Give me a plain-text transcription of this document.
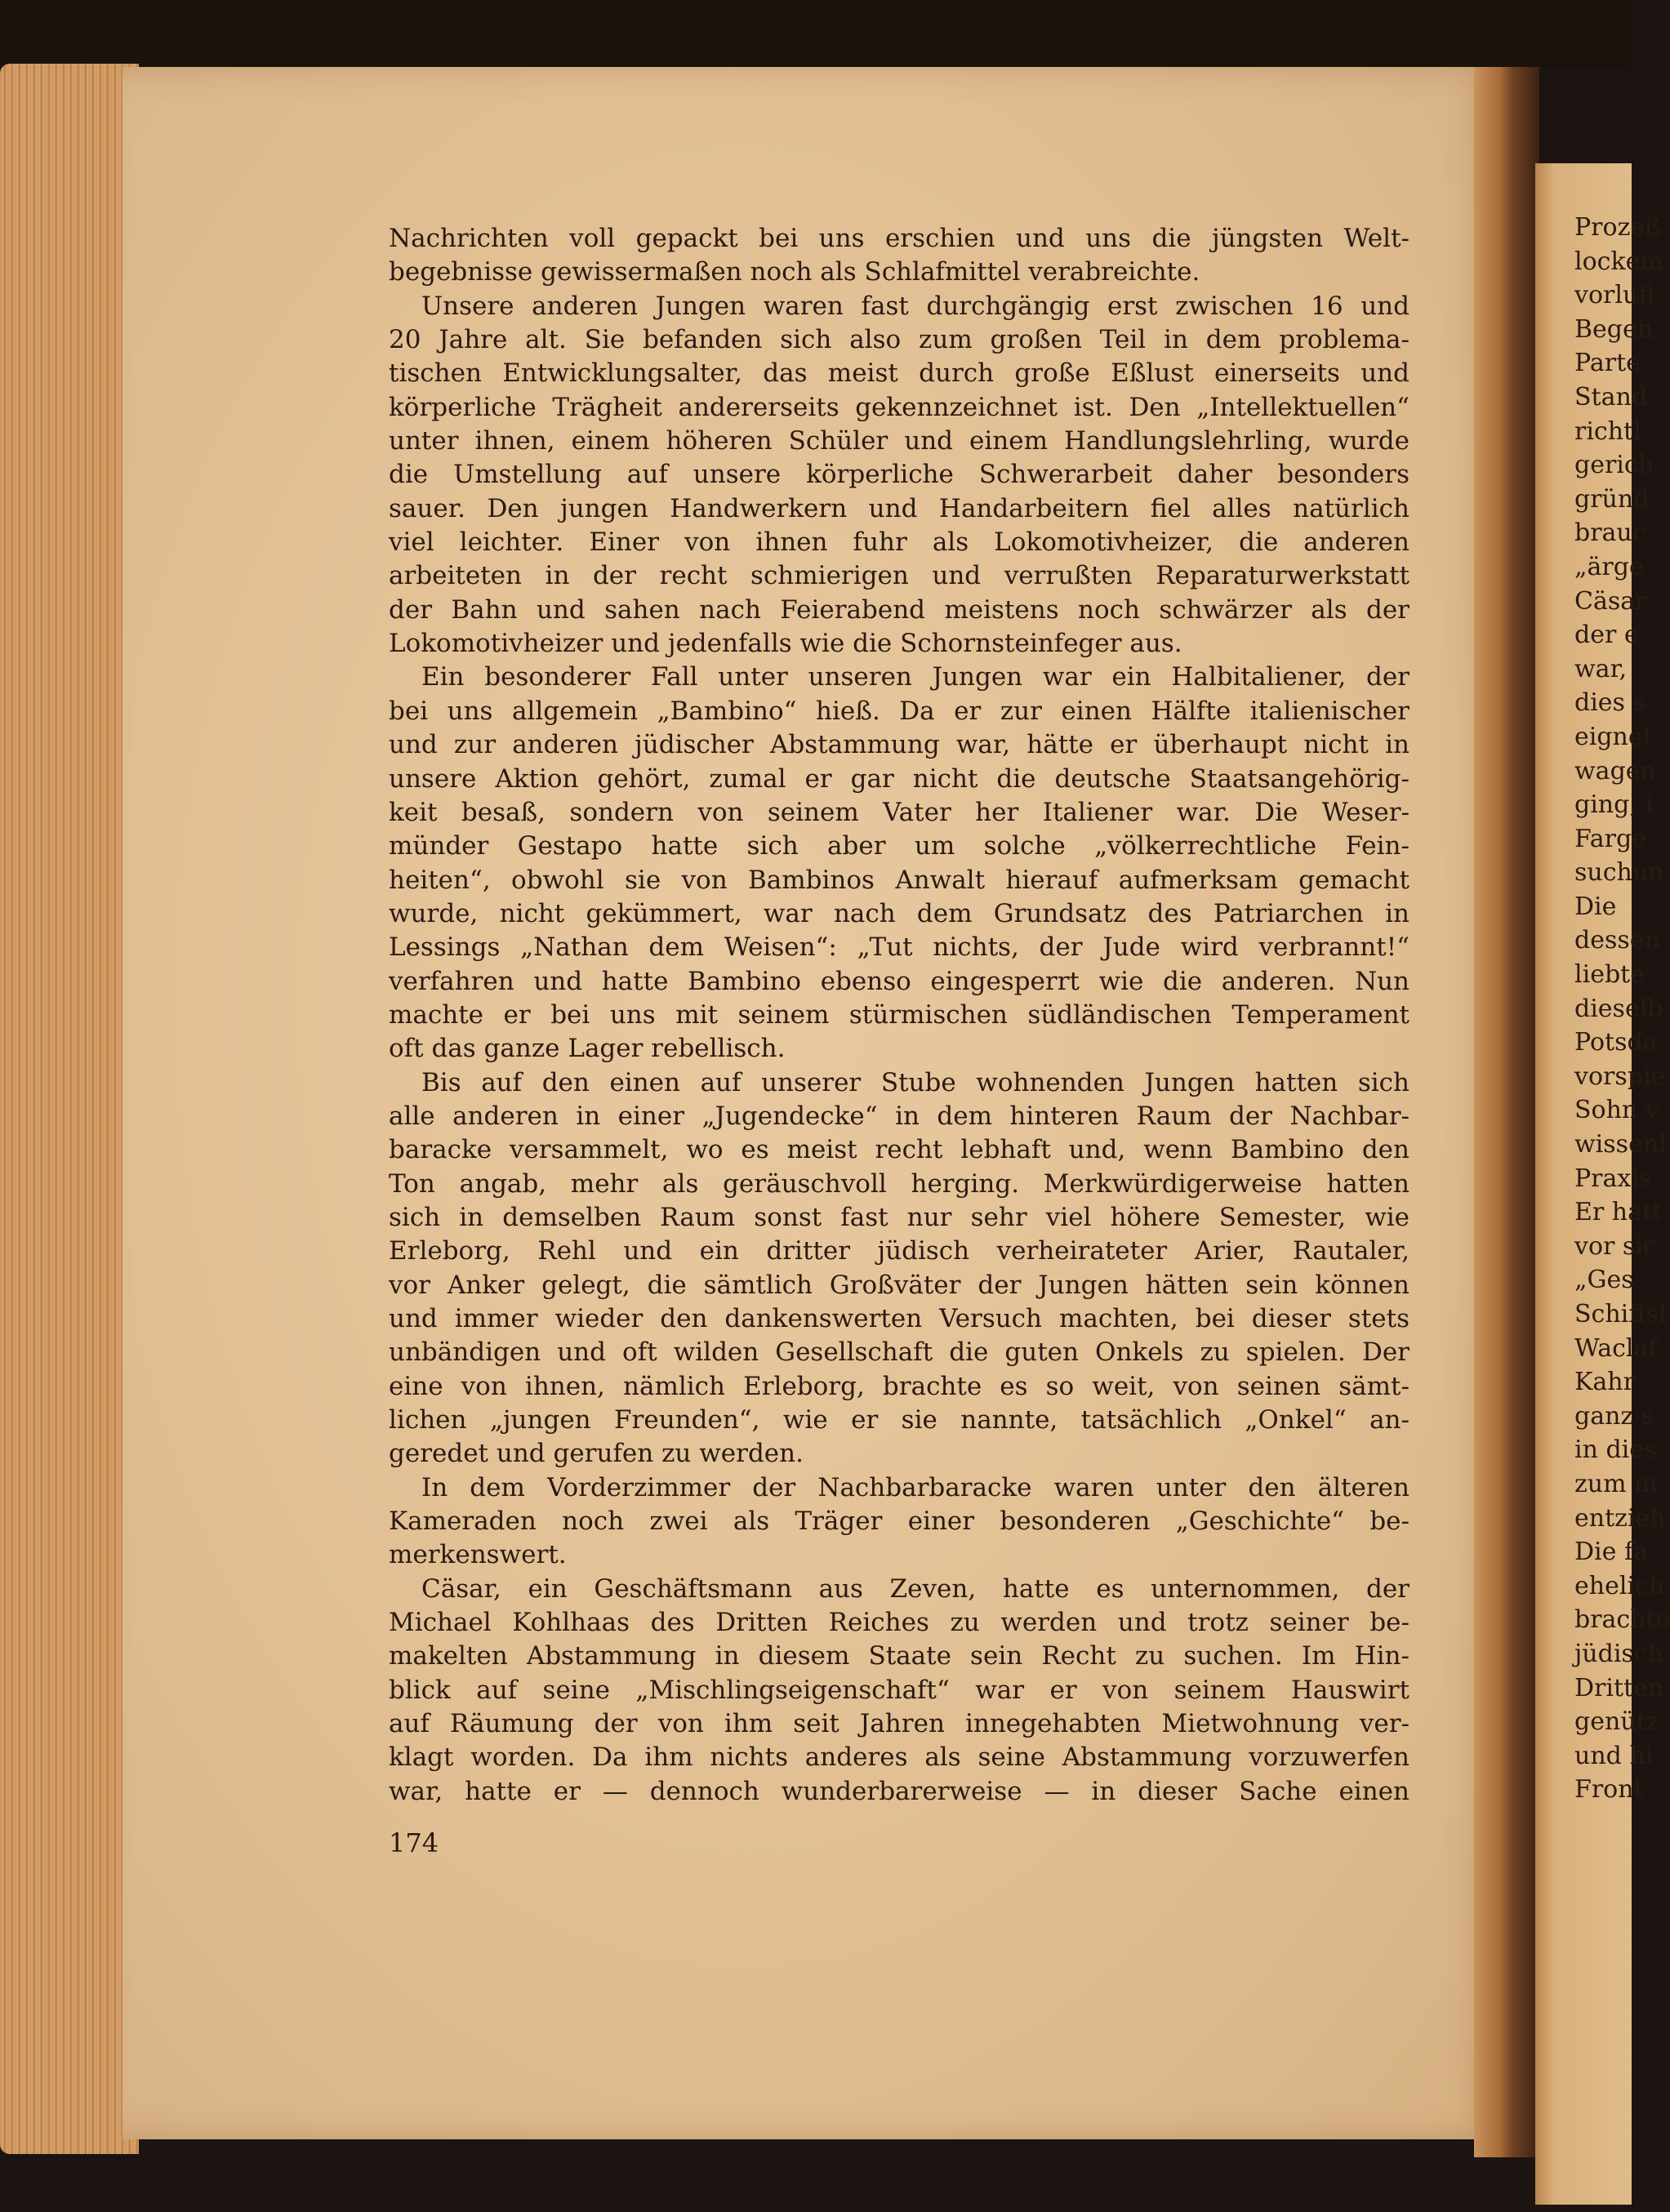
Prozeß
lockem
vorlufi
Begeh
Parte
Stand
richtl
gerich
gründ
brauc
„ärge
Cäsar
der e
war,
dies s
eignet
wagen
ging, i
Farge
suchun
Die
dessen
liebte
dieselb
Potsda
vorspie
Sohn v
wissenl
Praxis
Er hatt
vor sic
„Ges
Schiffsl
Waclaf
Kahr
ganz s
in dies
zum m
entzieh
Die fa
ehelich
brachte
jüdisch
Dritten
genütz
und hi
Front
Nachrichten voll gepackt bei uns erschien und uns die jüngsten Welt-
begebnisse gewissermaßen noch als Schlafmittel verabreichte.
Unsere anderen Jungen waren fast durchgängig erst zwischen 16 und
20 Jahre alt. Sie befanden sich also zum großen Teil in dem problema-
tischen Entwicklungsalter, das meist durch große Eßlust einerseits und
körperliche Trägheit andererseits gekennzeichnet ist. Den „Intellektuellen“
unter ihnen, einem höheren Schüler und einem Handlungslehrling, wurde
die Umstellung auf unsere körperliche Schwerarbeit daher besonders
sauer. Den jungen Handwerkern und Handarbeitern fiel alles natürlich
viel leichter. Einer von ihnen fuhr als Lokomotivheizer, die anderen
arbeiteten in der recht schmierigen und verrußten Reparaturwerkstatt
der Bahn und sahen nach Feierabend meistens noch schwärzer als der
Lokomotivheizer und jedenfalls wie die Schornsteinfeger aus.
Ein besonderer Fall unter unseren Jungen war ein Halbitaliener, der
bei uns allgemein „Bambino“ hieß. Da er zur einen Hälfte italienischer
und zur anderen jüdischer Abstammung war, hätte er überhaupt nicht in
unsere Aktion gehört, zumal er gar nicht die deutsche Staatsangehörig-
keit besaß, sondern von seinem Vater her Italiener war. Die Weser-
münder Gestapo hatte sich aber um solche „völkerrechtliche Fein-
heiten“, obwohl sie von Bambinos Anwalt hierauf aufmerksam gemacht
wurde, nicht gekümmert, war nach dem Grundsatz des Patriarchen in
Lessings „Nathan dem Weisen“: „Tut nichts, der Jude wird verbrannt!“
verfahren und hatte Bambino ebenso eingesperrt wie die anderen. Nun
machte er bei uns mit seinem stürmischen südländischen Temperament
oft das ganze Lager rebellisch.
Bis auf den einen auf unserer Stube wohnenden Jungen hatten sich
alle anderen in einer „Jugendecke“ in dem hinteren Raum der Nachbar-
baracke versammelt, wo es meist recht lebhaft und, wenn Bambino den
Ton angab, mehr als geräuschvoll herging. Merkwürdigerweise hatten
sich in demselben Raum sonst fast nur sehr viel höhere Semester, wie
Erleborg, Rehl und ein dritter jüdisch verheirateter Arier, Rautaler,
vor Anker gelegt, die sämtlich Großväter der Jungen hätten sein können
und immer wieder den dankenswerten Versuch machten, bei dieser stets
unbändigen und oft wilden Gesellschaft die guten Onkels zu spielen. Der
eine von ihnen, nämlich Erleborg, brachte es so weit, von seinen sämt-
lichen „jungen Freunden“, wie er sie nannte, tatsächlich „Onkel“ an-
geredet und gerufen zu werden.
In dem Vorderzimmer der Nachbarbaracke waren unter den älteren
Kameraden noch zwei als Träger einer besonderen „Geschichte“ be-
merkenswert.
Cäsar, ein Geschäftsmann aus Zeven, hatte es unternommen, der
Michael Kohlhaas des Dritten Reiches zu werden und trotz seiner be-
makelten Abstammung in diesem Staate sein Recht zu suchen. Im Hin-
blick auf seine „Mischlingseigenschaft“ war er von seinem Hauswirt
auf Räumung der von ihm seit Jahren innegehabten Mietwohnung ver-
klagt worden. Da ihm nichts anderes als seine Abstammung vorzuwerfen
war, hatte er — dennoch wunderbarerweise — in dieser Sache einen
174
